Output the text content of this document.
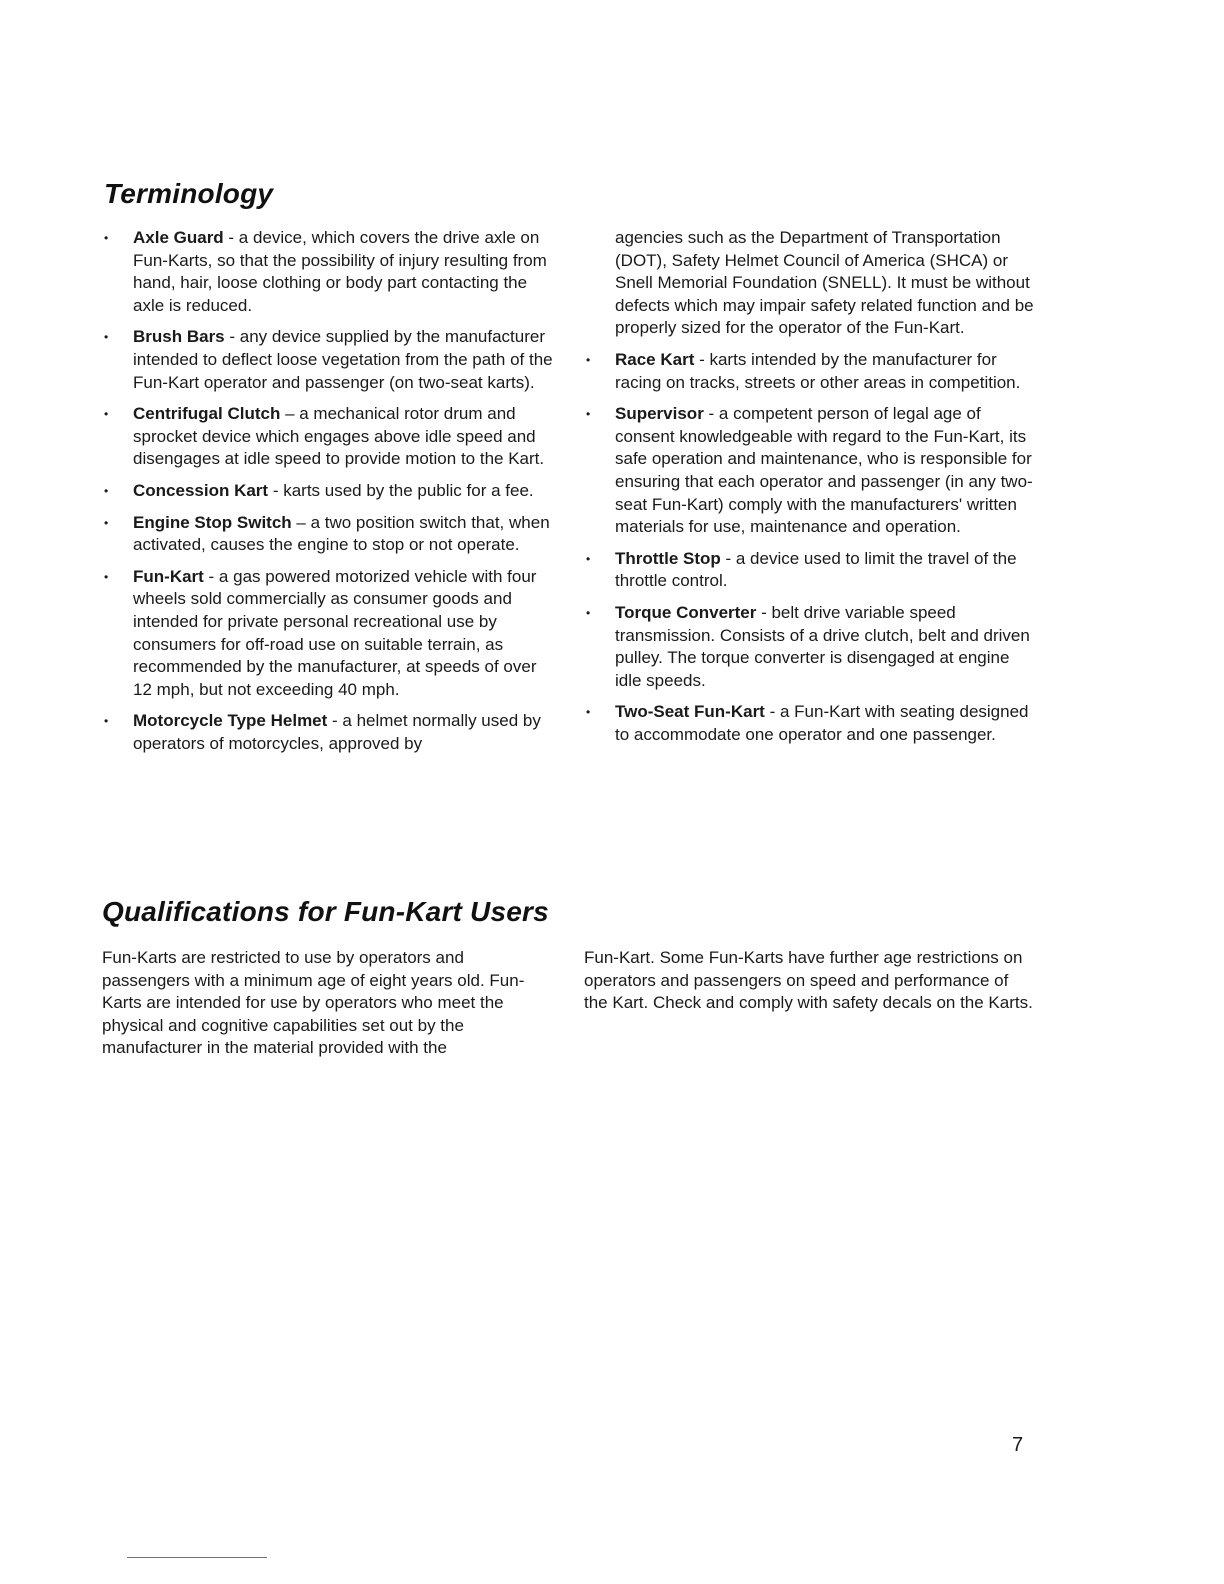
Terminology
• Axle Guard - a device, which covers the drive axle on Fun-Karts, so that the possibility of injury resulting from hand, hair, loose clothing or body part contacting the axle is reduced.
• Brush Bars - any device supplied by the manufacturer intended to deflect loose vegetation from the path of the Fun-Kart operator and passenger (on two-seat karts).
• Centrifugal Clutch – a mechanical rotor drum and sprocket device which engages above idle speed and disengages at idle speed to provide motion to the Kart.
• Concession Kart - karts used by the public for a fee.
• Engine Stop Switch – a two position switch that, when activated, causes the engine to stop or not operate.
• Fun-Kart - a gas powered motorized vehicle with four wheels sold commercially as consumer goods and intended for private personal recreational use by consumers for off-road use on suitable terrain, as recommended by the manufacturer, at speeds of over 12 mph, but not exceeding 40 mph.
• Motorcycle Type Helmet - a helmet normally used by operators of motorcycles, approved by
agencies such as the Department of Transportation (DOT), Safety Helmet Council of America (SHCA) or Snell Memorial Foundation (SNELL). It must be without defects which may impair safety related function and be properly sized for the operator of the Fun-Kart.
• Race Kart - karts intended by the manufacturer for racing on tracks, streets or other areas in competition.
• Supervisor - a competent person of legal age of consent knowledgeable with regard to the Fun-Kart, its safe operation and maintenance, who is responsible for ensuring that each operator and passenger (in any two-seat Fun-Kart) comply with the manufacturers' written materials for use, maintenance and operation.
• Throttle Stop - a device used to limit the travel of the throttle control.
• Torque Converter - belt drive variable speed transmission. Consists of a drive clutch, belt and driven pulley. The torque converter is disengaged at engine idle speeds.
• Two-Seat Fun-Kart - a Fun-Kart with seating designed to accommodate one operator and one passenger.
Qualifications for Fun-Kart Users

Fun-Karts are restricted to use by operators and passengers with a minimum age of eight years old. Fun-Karts are intended for use by operators who meet the physical and cognitive capabilities set out by the manufacturer in the material provided with the

Fun-Kart. Some Fun-Karts have further age restrictions on operators and passengers on speed and performance of the Kart. Check and comply with safety decals on the Karts.

7
